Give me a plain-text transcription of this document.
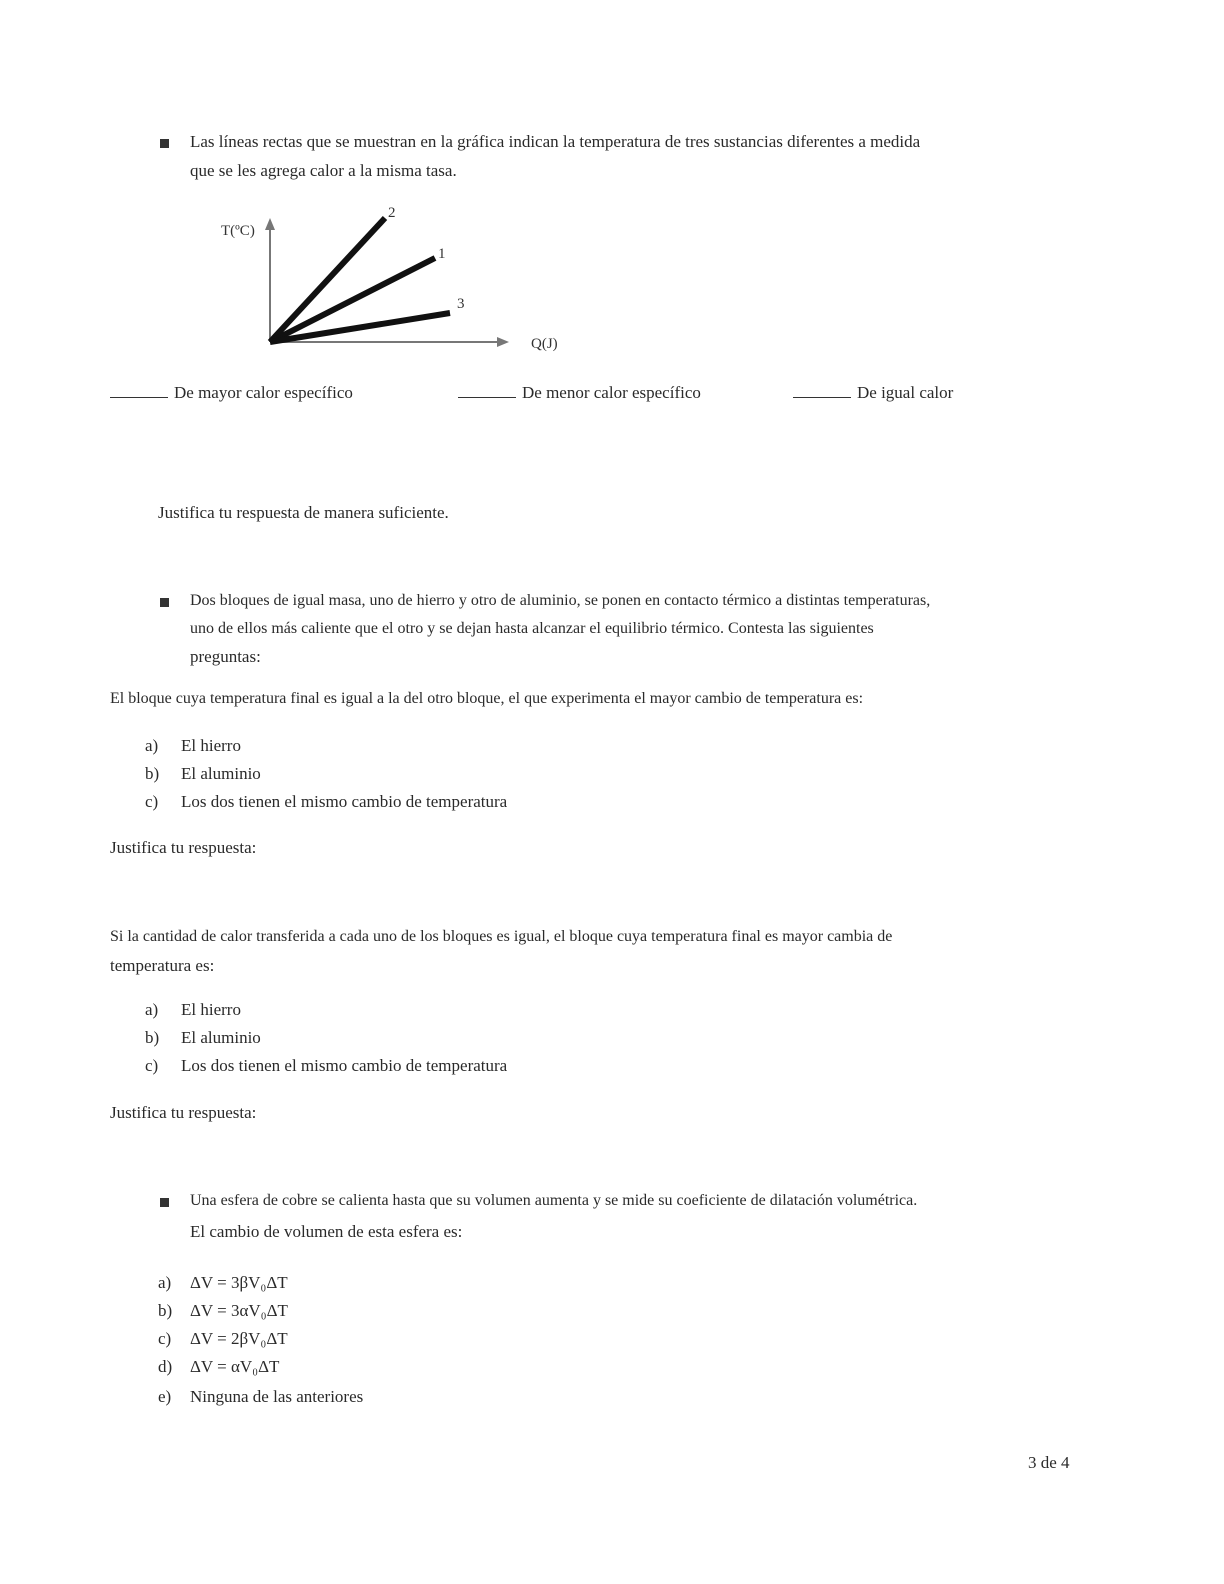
Las líneas rectas que se muestran en la gráfica indican la temperatura de tres sustancias diferentes a medida
que se les agrega calor a la misma tasa.
T(ºC)
Q(J)
2
1
3
De mayor calor específico	De menor calor específico	De igual calor
Justifica tu respuesta de manera suficiente.
Dos bloques de igual masa, uno de hierro y otro de aluminio, se ponen en contacto térmico a distintas temperaturas,
uno de ellos más caliente que el otro y se dejan hasta alcanzar el equilibrio térmico. Contesta las siguientes
preguntas:
El bloque cuya temperatura final es igual a la del otro bloque, el que experimenta el mayor cambio de temperatura es:
a) El hierro
b) El aluminio
c) Los dos tienen el mismo cambio de temperatura
Justifica tu respuesta:
Si la cantidad de calor transferida a cada uno de los bloques es igual, el bloque cuya temperatura final es mayor cambia de
temperatura es:
a) El hierro
b) El aluminio
c) Los dos tienen el mismo cambio de temperatura
Justifica tu respuesta:
Una esfera de cobre se calienta hasta que su volumen aumenta y se mide su coeficiente de dilatación volumétrica.
El cambio de volumen de esta esfera es:
a) ΔV = 3βV₀ΔT
b) ΔV = 3αV₀ΔT
c) ΔV = 2βV₀ΔT
d) ΔV = αV₀ΔT
e) Ninguna de las anteriores
3 de 4
